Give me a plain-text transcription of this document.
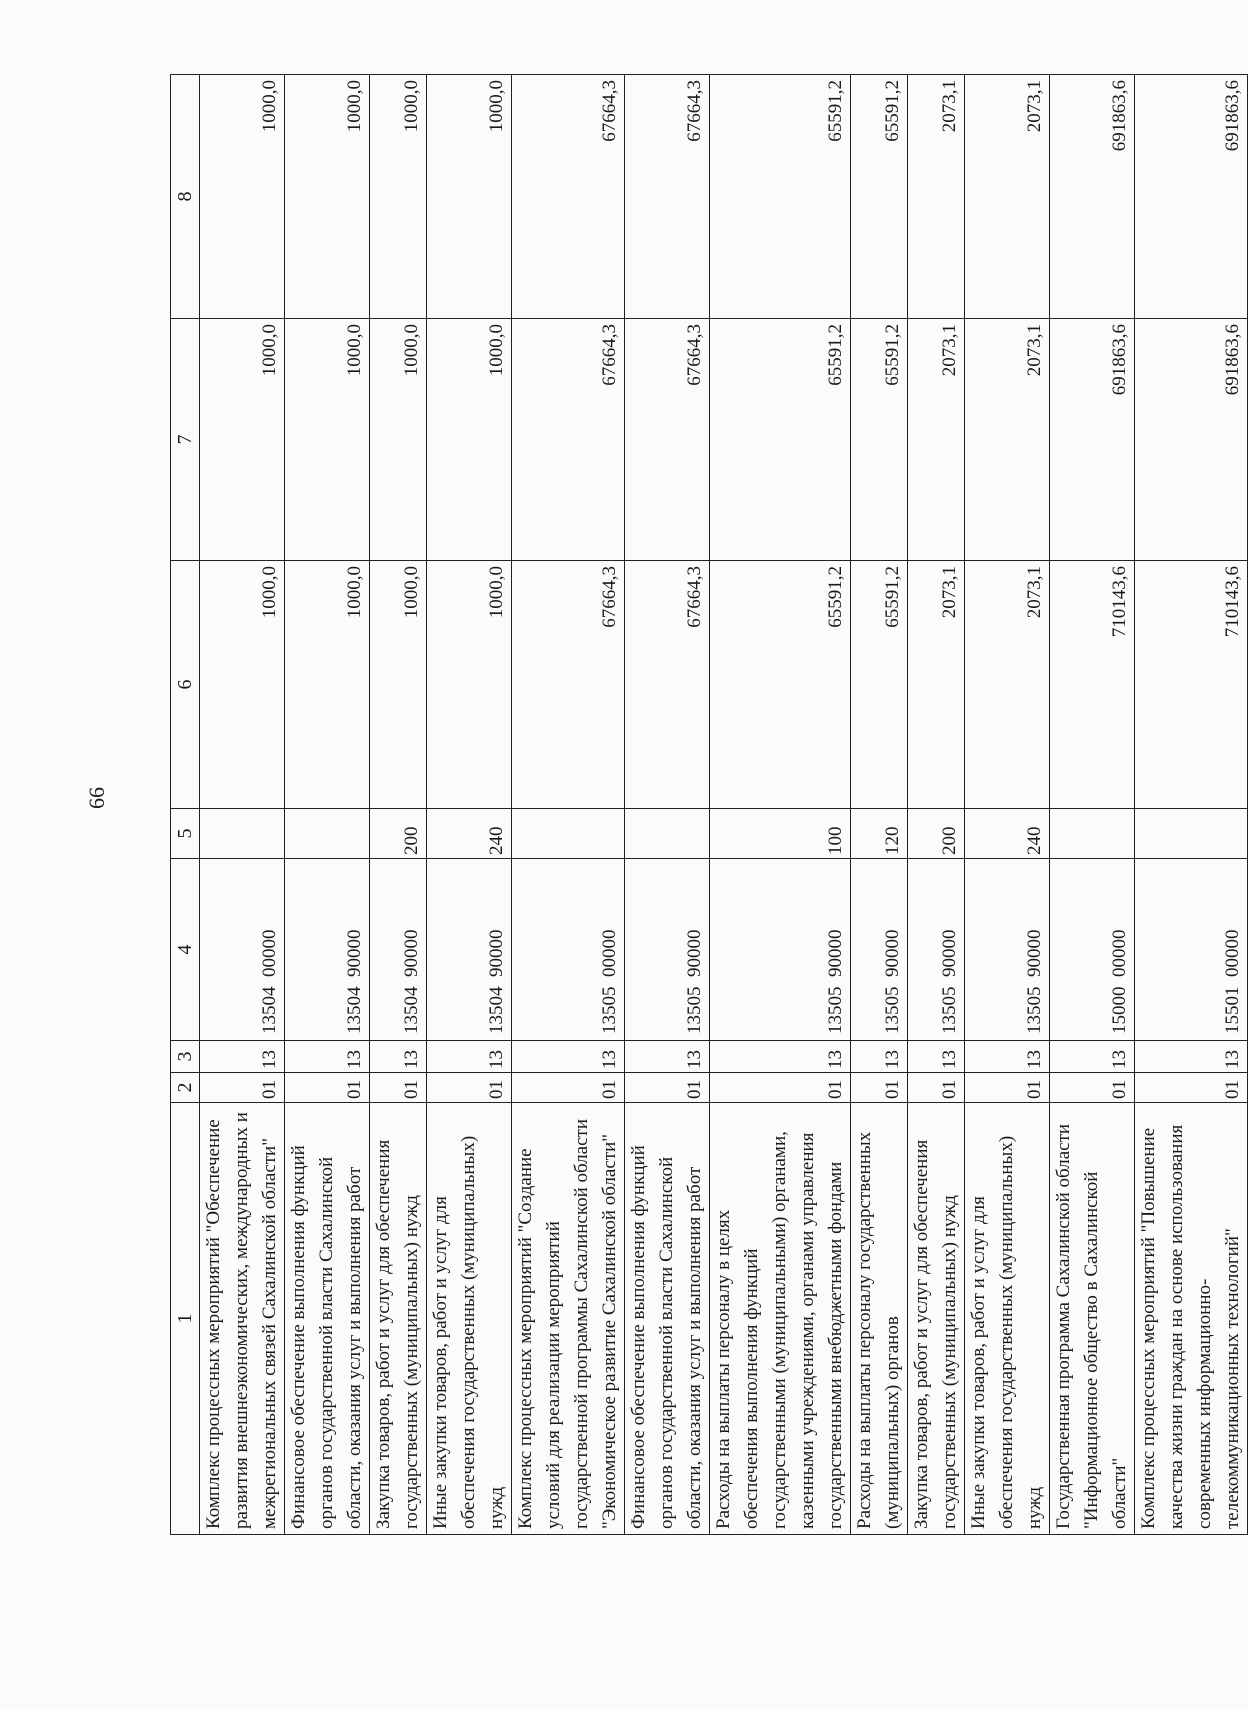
66
1	2	3	4	5	6	7	8
Комплекс процессных мероприятий "Обеспечение развития внешнеэкономических, международных и межрегиональных связей Сахалинской области"	01	13	13504  00000		1000,0	1000,0	1000,0
Финансовое обеспечение выполнения функций органов государственной власти Сахалинской области, оказания услуг и выполнения работ	01	13	13504  90000		1000,0	1000,0	1000,0
Закупка товаров, работ и услуг для обеспечения государственных (муниципальных) нужд	01	13	13504  90000	200	1000,0	1000,0	1000,0
Иные закупки товаров, работ и услуг для обеспечения государственных (муниципальных) нужд	01	13	13504  90000	240	1000,0	1000,0	1000,0
Комплекс процессных мероприятий "Создание условий для реализации мероприятий государственной программы Сахалинской области "Экономическое развитие Сахалинской области"	01	13	13505  00000		67664,3	67664,3	67664,3
Финансовое обеспечение выполнения функций органов государственной власти Сахалинской области, оказания услуг и выполнения работ	01	13	13505  90000		67664,3	67664,3	67664,3
Расходы на выплаты персоналу в целях обеспечения выполнения функций государственными (муниципальными) органами, казенными учреждениями, органами управления государственными внебюджетными фондами	01	13	13505  90000	100	65591,2	65591,2	65591,2
Расходы на выплаты персоналу государственных (муниципальных) органов	01	13	13505  90000	120	65591,2	65591,2	65591,2
Закупка товаров, работ и услуг для обеспечения государственных (муниципальных) нужд	01	13	13505  90000	200	2073,1	2073,1	2073,1
Иные закупки товаров, работ и услуг для обеспечения государственных (муниципальных) нужд	01	13	13505  90000	240	2073,1	2073,1	2073,1
Государственная программа Сахалинской области "Информационное общество в Сахалинской области"	01	13	15000  00000		710143,6	691863,6	691863,6
Комплекс процессных мероприятий "Повышение качества жизни граждан на основе использования современных информационно-телекоммуникационных технологий"	01	13	15501  00000		710143,6	691863,6	691863,6
